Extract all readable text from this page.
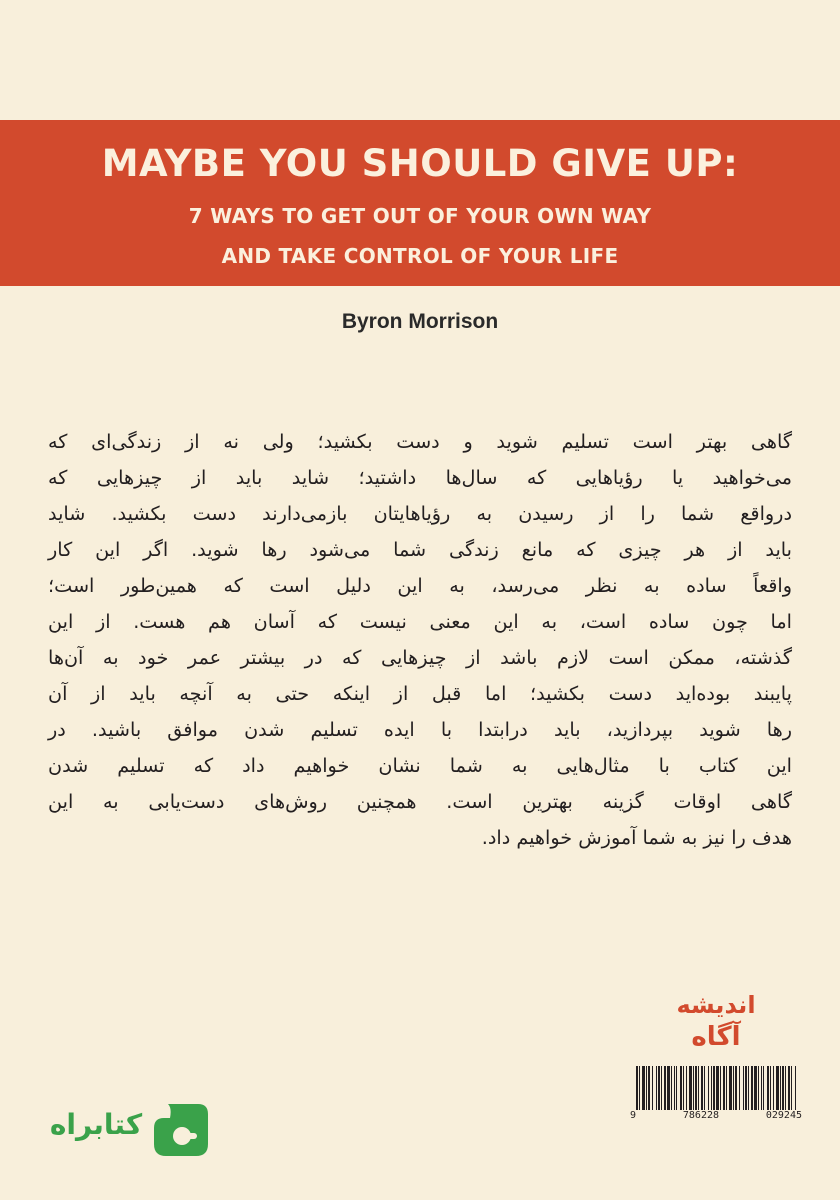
MAYBE YOU SHOULD GIVE UP:
7 WAYS TO GET OUT OF YOUR OWN WAY
AND TAKE CONTROL OF YOUR LIFE
Byron Morrison

گاهی بهتر است تسلیم شوید و دست بکشید؛ ولی نه از زندگی‌ای که
می‌خواهید یا رؤیاهایی که سال‌ها داشتید؛ شاید باید از چیزهایی که
درواقع شما را از رسیدن به رؤیاهایتان بازمی‌دارند دست بکشید. شاید
باید از هر چیزی که مانع زندگی شما می‌شود رها شوید. اگر این کار
واقعاً ساده به نظر می‌رسد، به این دلیل است که همین‌طور است؛
اما چون ساده است، به این معنی نیست که آسان هم هست. از این
گذشته، ممکن است لازم باشد از چیزهایی که در بیشتر عمر خود به آن‌ها
پایبند بوده‌اید دست بکشید؛ اما قبل از اینکه حتی به آنچه باید از آن
رها شوید بپردازید، باید درابتدا با ایده تسلیم شدن موافق باشید. در
این کتاب با مثال‌هایی به شما نشان خواهیم داد که تسلیم شدن
گاهی اوقات گزینه بهترین است. همچنین روش‌های دست‌یابی به این
هدف را نیز به شما آموزش خواهیم داد.

اندیشه
آگاه
9	786228	029245
کتابراه
